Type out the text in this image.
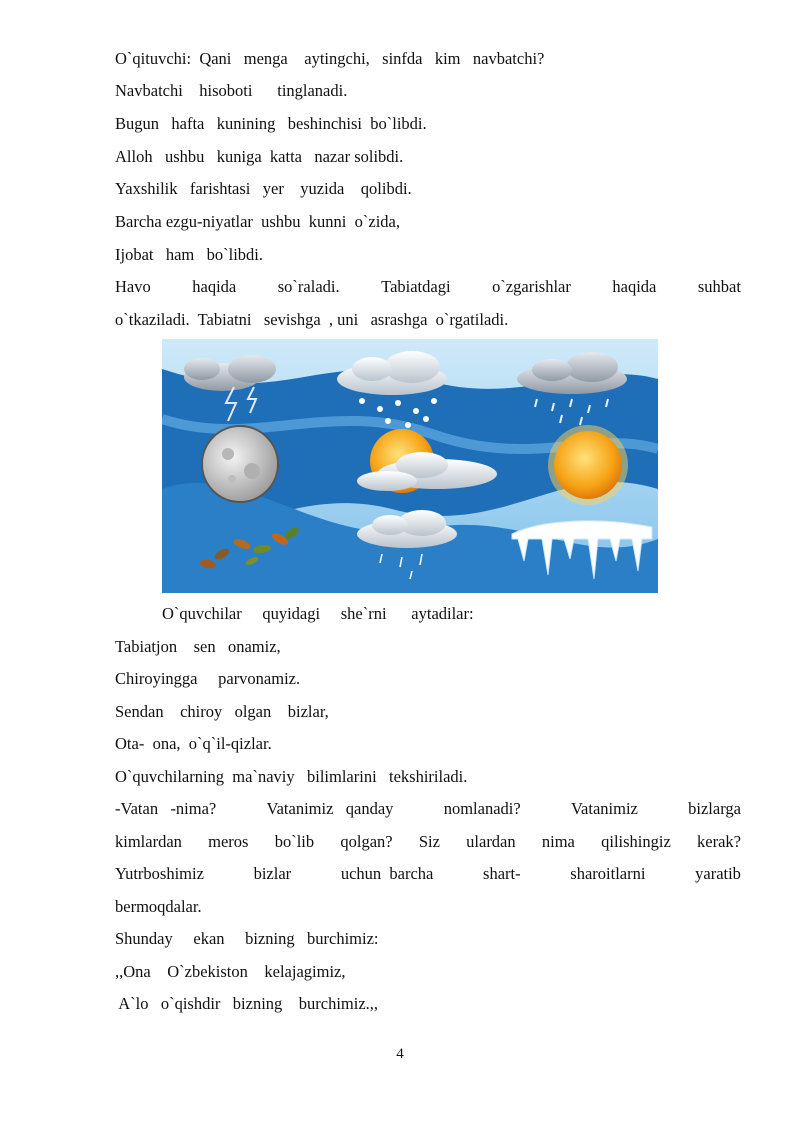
O`qituvchi:  Qani   menga    aytingchi,   sinfda   kim   navbatchi?
Navbatchi    hisoboti      tinglanadi.
Bugun   hafta   kunining   beshinchisi  bo`libdi.
Alloh   ushbu   kuniga  katta   nazar solibdi.
Yaxshilik   farishtasi   yer    yuzida    qolibdi.
Barcha ezgu-niyatlar  ushbu  kunni  o`zida,
Ijobat   ham   bo`libdi.
Havo	haqida	so`raladi.	Tabiatdagi	o`zgarishlar	haqida	suhbat
o`tkaziladi.  Tabiatni   sevishga  , uni   asrashga  o`rgatiladi.
O`quvchilar     quyidagi     she`rni      aytadilar:
Tabiatjon    sen   onamiz,
Chiroyingga     parvonamiz.
Sendan    chiroy   olgan    bizlar,
Ota-  ona,  o`q`il-qizlar.
O`quvchilarning  ma`naviy   bilimlarini   tekshiriladi.
-Vatan   -nima?	Vatanimiz   qanday	nomlanadi?	Vatanimiz	bizlarga
kimlardan meros bo`lib qolgan? Siz ulardan nima qilishingiz kerak?
Yutrboshimiz	bizlar	uchun  barcha	shart-	sharoitlarni	yaratib
bermoqdalar.
Shunday     ekan     bizning   burchimiz:
,,Ona    O`zbekiston    kelajagimiz,
A`lo   o`qishdir   bizning    burchimiz.,,
4
